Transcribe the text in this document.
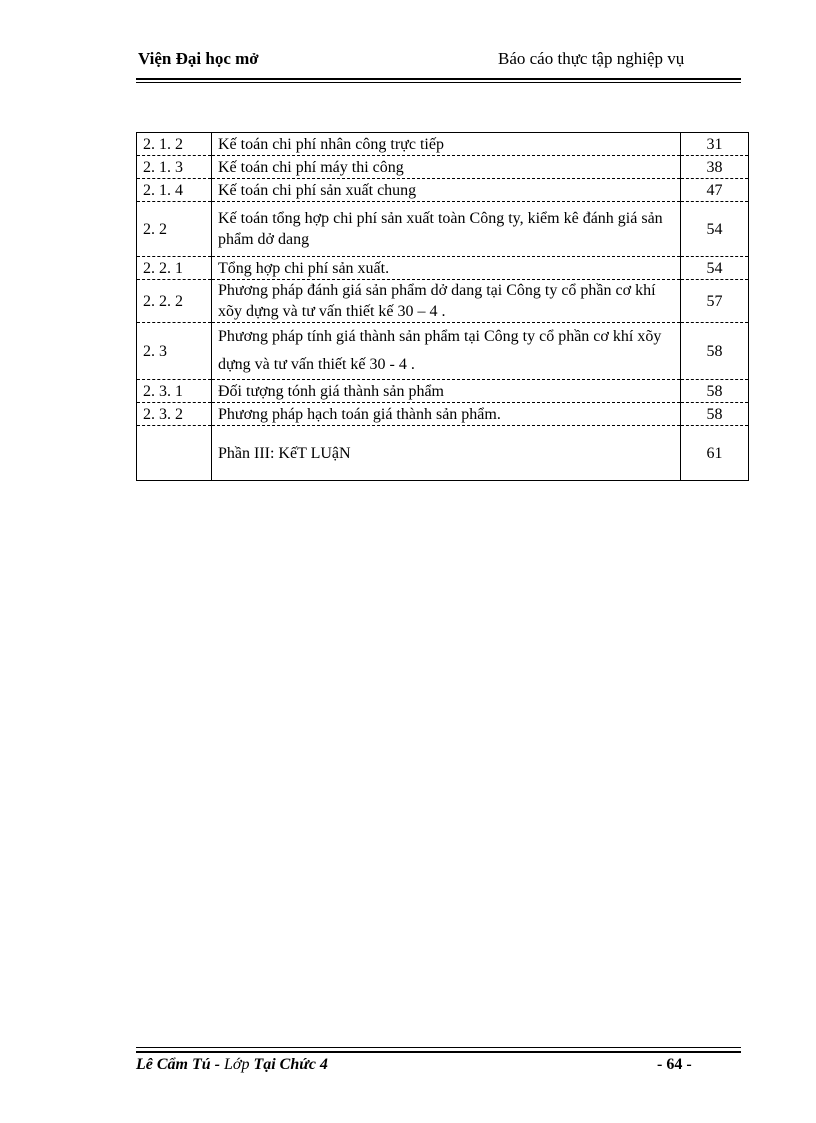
Viện Đại học mở	Báo cáo thực tập nghiệp vụ
2. 1. 2	Kế toán chi phí nhân công trực tiếp	31
2. 1. 3	Kế toán chi phí máy thi công	38
2. 1. 4	Kế toán chi phí sản xuất chung	47
2. 2	Kế toán tổng hợp chi phí sản xuất toàn Công ty, kiểm kê đánh giá sản phẩm dở dang	54
2. 2. 1	Tổng hợp chi phí sản xuất.	54
2. 2. 2	Phương pháp đánh giá sản phẩm dở dang tại Công ty cổ phần cơ khí xõy dựng và tư vấn thiết kế 30 – 4 .	57
2. 3	Phương pháp tính giá thành sản phẩm tại Công ty cổ phần cơ khí xõy dựng và tư vấn thiết kế 30 - 4 .	58
2. 3. 1	Đối tượng tónh giá thành sản phẩm	58
2. 3. 2	Phương pháp hạch toán giá thành sản phẩm.	58
	Phần III: KếT LUậN	61
Lê Cẩm Tú - Lớp Tại Chức 4	- 64 -
